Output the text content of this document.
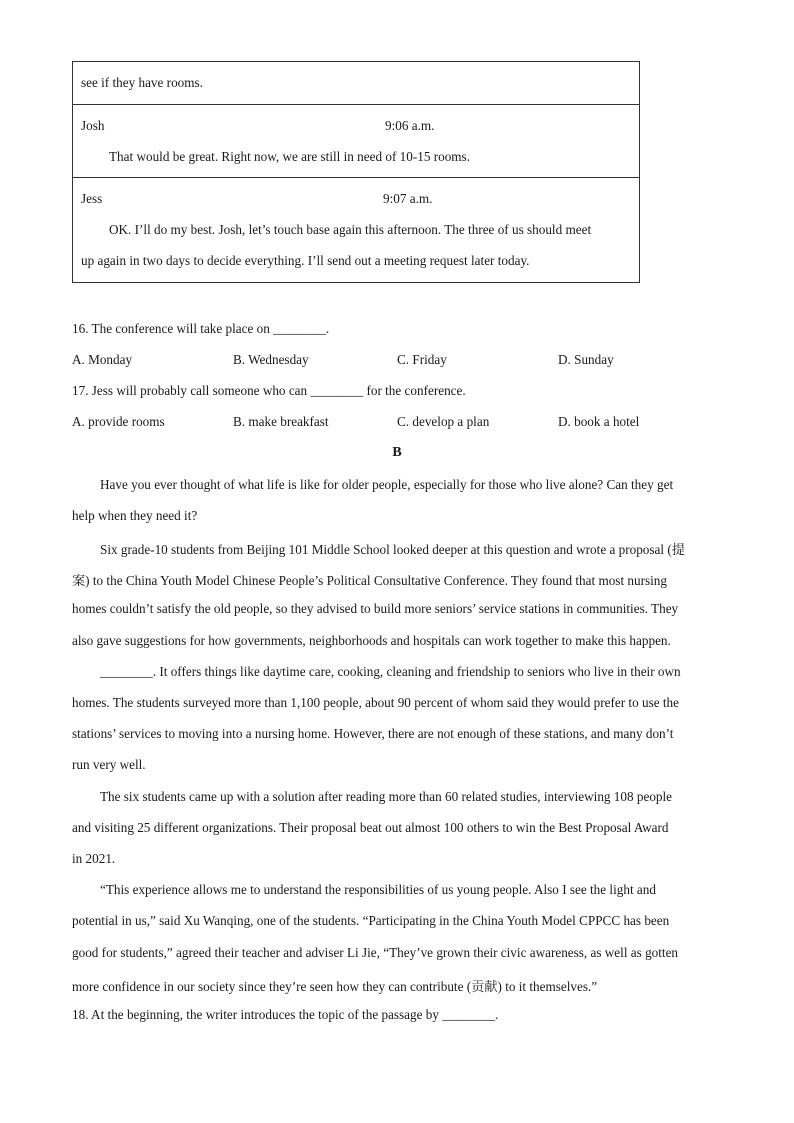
see if they have rooms.
Josh	9:06 a.m.
That would be great. Right now, we are still in need of 10-15 rooms.
Jess	9:07 a.m.
OK. I’ll do my best. Josh, let’s touch base again this afternoon. The three of us should meet
up again in two days to decide everything. I’ll send out a meeting request later today.
16. The conference will take place on ________.
A. Monday	B. Wednesday	C. Friday	D. Sunday
17. Jess will probably call someone who can ________ for the conference.
A. provide rooms	B. make breakfast	C. develop a plan	D. book a hotel
B
Have you ever thought of what life is like for older people, especially for those who live alone? Can they get
help when they need it?
Six grade-10 students from Beijing 101 Middle School looked deeper at this question and wrote a proposal (提
案) to the China Youth Model Chinese People’s Political Consultative Conference. They found that most nursing
homes couldn’t satisfy the old people, so they advised to build more seniors’ service stations in communities. They
also gave suggestions for how governments, neighborhoods and hospitals can work together to make this happen.
________. It offers things like daytime care, cooking, cleaning and friendship to seniors who live in their own
homes. The students surveyed more than 1,100 people, about 90 percent of whom said they would prefer to use the
stations’ services to moving into a nursing home. However, there are not enough of these stations, and many don’t
run very well.
The six students came up with a solution after reading more than 60 related studies, interviewing 108 people
and visiting 25 different organizations. Their proposal beat out almost 100 others to win the Best Proposal Award
in 2021.
“This experience allows me to understand the responsibilities of us young people. Also I see the light and
potential in us,” said Xu Wanqing, one of the students. “Participating in the China Youth Model CPPCC has been
good for students,” agreed their teacher and adviser Li Jie, “They’ve grown their civic awareness, as well as gotten
more confidence in our society since they’re seen how they can contribute (贡献) to it themselves.”
18. At the beginning, the writer introduces the topic of the passage by ________.
